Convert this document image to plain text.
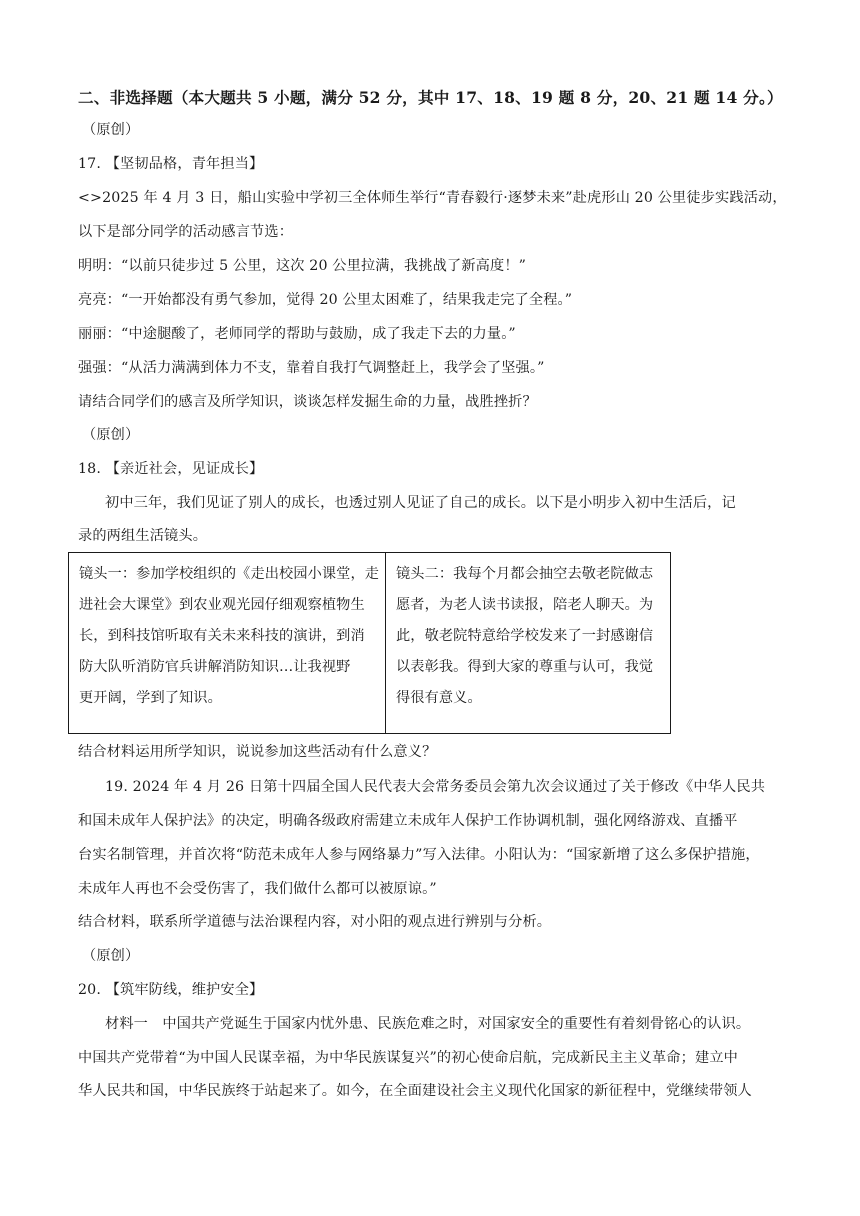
二、非选择题（本大题共 5 小题，满分 52 分，其中 17、18、19 题 8 分，20、21 题 14 分。）
（原创）
17. 【坚韧品格，青年担当】
<>2025 年 4 月 3 日，船山实验中学初三全体师生举行“青春毅行·逐梦未来”赴虎形山 20 公里徒步实践活动，
以下是部分同学的活动感言节选：
明明：“以前只徒步过 5 公里，这次 20 公里拉满，我挑战了新高度！”
亮亮：“一开始都没有勇气参加，觉得 20 公里太困难了，结果我走完了全程。”
丽丽：“中途腿酸了，老师同学的帮助与鼓励，成了我走下去的力量。”
强强：“从活力满满到体力不支，靠着自我打气调整赶上，我学会了坚强。”
请结合同学们的感言及所学知识，谈谈怎样发掘生命的力量，战胜挫折？
（原创）
18. 【亲近社会，见证成长】
初中三年，我们见证了别人的成长，也透过别人见证了自己的成长。以下是小明步入初中生活后，记
录的两组生活镜头。
镜头一：参加学校组织的《走出校园小课堂，走
进社会大课堂》到农业观光园仔细观察植物生
长，到科技馆听取有关未来科技的演讲，到消
防大队听消防官兵讲解消防知识…让我视野
更开阔，学到了知识。

镜头二：我每个月都会抽空去敬老院做志
愿者，为老人读书读报，陪老人聊天。为
此，敬老院特意给学校发来了一封感谢信
以表彰我。得到大家的尊重与认可，我觉
得很有意义。
结合材料运用所学知识，说说参加这些活动有什么意义？
19. 2024 年 4 月 26 日第十四届全国人民代表大会常务委员会第九次会议通过了关于修改《中华人民共
和国未成年人保护法》的决定，明确各级政府需建立未成年人保护工作协调机制，强化网络游戏、直播平
台实名制管理，并首次将“防范未成年人参与网络暴力”写入法律。小阳认为：“国家新增了这么多保护措施，
未成年人再也不会受伤害了，我们做什么都可以被原谅。”
结合材料，联系所学道德与法治课程内容，对小阳的观点进行辨别与分析。
（原创）
20. 【筑牢防线，维护安全】
材料一　中国共产党诞生于国家内忧外患、民族危难之时，对国家安全的重要性有着刻骨铭心的认识。
中国共产党带着“为中国人民谋幸福，为中华民族谋复兴”的初心使命启航，完成新民主主义革命；建立中
华人民共和国，中华民族终于站起来了。如今，在全面建设社会主义现代化国家的新征程中，党继续带领人
